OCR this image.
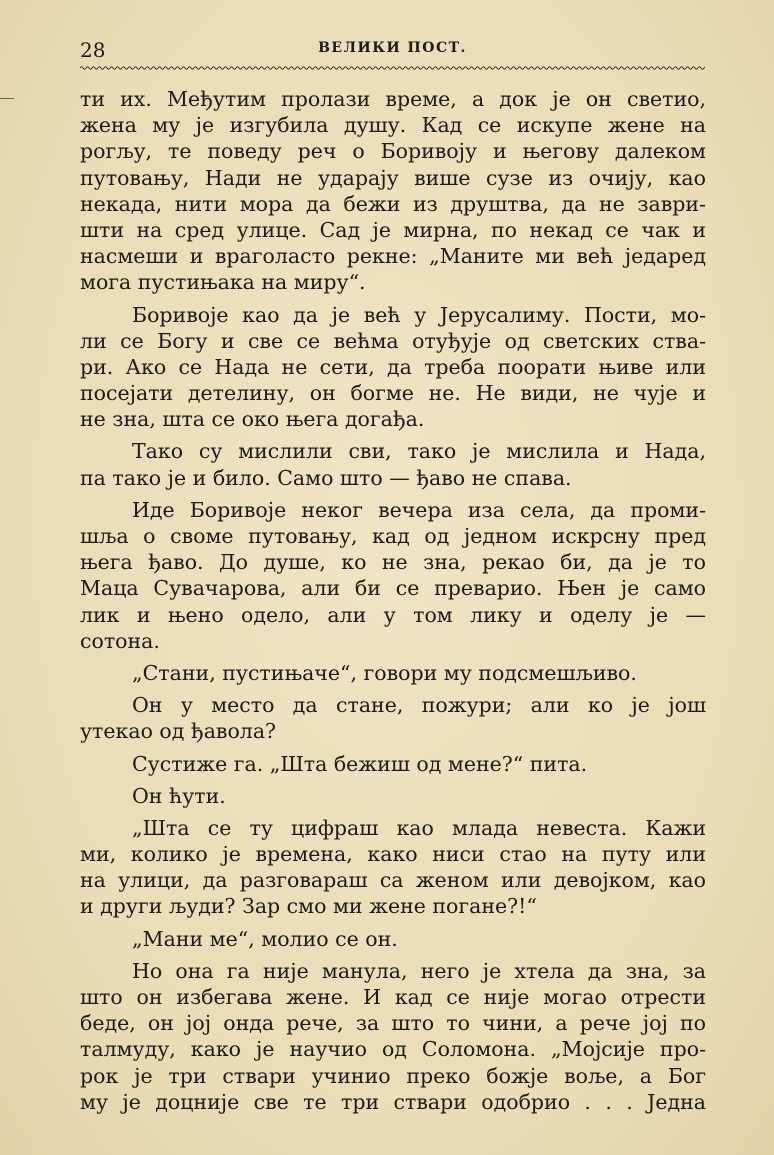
28	ВЕЛИКИ ПОСТ.
ти их. Међутим пролази време, а док је он светио,
жена му је изгубила душу. Кад се искупе жене на
рогљу, те поведу реч о Боривоју и његову далеком
путовању, Нади не ударају више сузе из очију, као
некада, нити мора да бежи из друштва, да не заври-
шти на сред улице. Сад је мирна, по некад се чак и
насмеши и враголасто рекне: „Маните ми већ једаред
мога пустињака на миру“.
Боривоје као да је већ у Јерусалиму. Пости, мо-
ли се Богу и све се већма отуђује од светских ства-
ри. Ако се Нада не сети, да треба поорати њиве или
посејати детелину, он богме не. Не види, не чује и
не зна, шта се око њега догађа.
Тако су мислили сви, тако је мислила и Нада,
па тако је и било. Само што — ђаво не спава.
Иде Боривоје неког вечера иза села, да проми-
шља о своме путовању, кад од једном искрсну пред
њега ђаво. До душе, ко не зна, рекао би, да је то
Маца Сувачарова, али би се преварио. Њен је само
лик и њено одело, али у том лику и оделу је —
сотона.
„Стани, пустињаче“, говори му подсмешљиво.
Он у место да стане, пожури; али ко је још
утекао од ђавола?
Сустиже га. „Шта бежиш од мене?“ пита.
Он ћути.
„Шта се ту цифраш као млада невеста. Кажи
ми, колико је времена, како ниси стао на путу или
на улици, да разговараш са женом или девојком, као
и други људи? Зар смо ми жене погане?!“
„Мани ме“, молио се он.
Но она га није манула, него је хтела да зна, за
што он избегава жене. И кад се није могао отрести
беде, он јој онда рече, за што то чини, а рече јој по
талмуду, како је научио од Соломона. „Мојсије про-
рок је три ствари учинио преко божје воље, а Бог
му је доцније све те три ствари одобрио . . . Једна
